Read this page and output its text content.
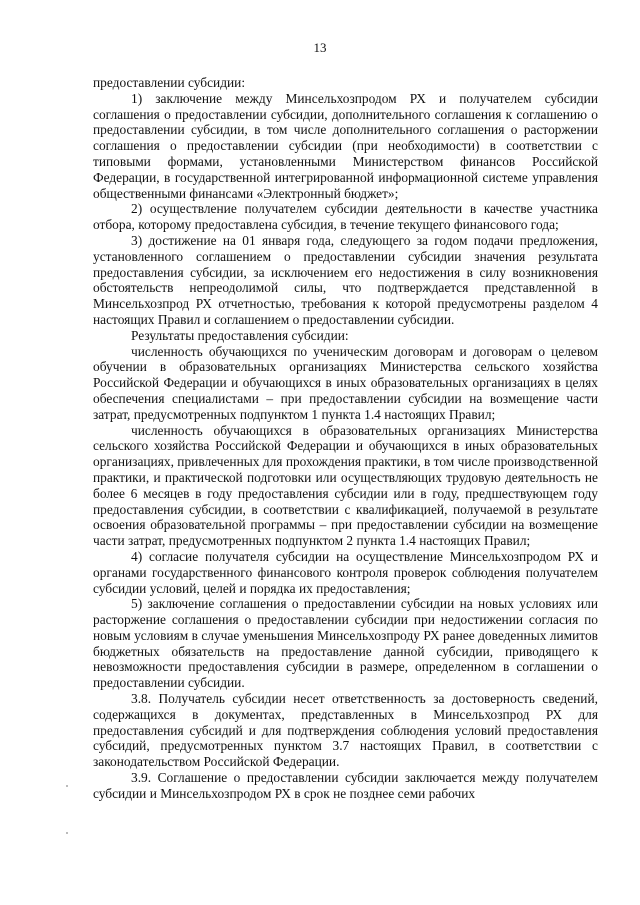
13

предоставлении субсидии:

1) заключение между Минсельхозпродом РХ и получателем субсидии соглашения о предоставлении субсидии, дополнительного соглашения к соглашению о предоставлении субсидии, в том числе дополнительного соглашения о расторжении соглашения о предоставлении субсидии (при необходимости) в соответствии с типовыми формами, установленными Министерством финансов Российской Федерации, в государственной интегрированной информационной системе управления общественными финансами «Электронный бюджет»;

2) осуществление получателем субсидии деятельности в качестве участника отбора, которому предоставлена субсидия, в течение текущего финансового года;

3) достижение на 01 января года, следующего за годом подачи предложения, установленного соглашением о предоставлении субсидии значения результата предоставления субсидии, за исключением его недостижения в силу возникновения обстоятельств непреодолимой силы, что подтверждается представленной в Минсельхозпрод РХ отчетностью, требования к которой предусмотрены разделом 4 настоящих Правил и соглашением о предоставлении субсидии.

Результаты предоставления субсидии:

численность обучающихся по ученическим договорам и договорам о целевом обучении в образовательных организациях Министерства сельского хозяйства Российской Федерации и обучающихся в иных образовательных организациях в целях обеспечения специалистами – при предоставлении субсидии на возмещение части затрат, предусмотренных подпунктом 1 пункта 1.4 настоящих Правил;

численность обучающихся в образовательных организациях Министерства сельского хозяйства Российской Федерации и обучающихся в иных образовательных организациях, привлеченных для прохождения практики, в том числе производственной практики, и практической подготовки или осуществляющих трудовую деятельность не более 6 месяцев в году предоставления субсидии или в году, предшествующем году предоставления субсидии, в соответствии с квалификацией, получаемой в результате освоения образовательной программы – при предоставлении субсидии на возмещение части затрат, предусмотренных подпунктом 2 пункта 1.4 настоящих Правил;

4) согласие получателя субсидии на осуществление Минсельхозпродом РХ и органами государственного финансового контроля проверок соблюдения получателем субсидии условий, целей и порядка их предоставления;

5) заключение соглашения о предоставлении субсидии на новых условиях или расторжение соглашения о предоставлении субсидии при недостижении согласия по новым условиям в случае уменьшения Минсельхозпроду РХ ранее доведенных лимитов бюджетных обязательств на предоставление данной субсидии, приводящего к невозможности предоставления субсидии в размере, определенном в соглашении о предоставлении субсидии.

3.8. Получатель субсидии несет ответственность за достоверность сведений, содержащихся в документах, представленных в Минсельхозпрод РХ для предоставления субсидий и для подтверждения соблюдения условий предоставления субсидий, предусмотренных пунктом 3.7 настоящих Правил, в соответствии с законодательством Российской Федерации.

3.9. Соглашение о предоставлении субсидии заключается между получателем субсидии и Минсельхозпродом РХ в срок не позднее семи рабочих
